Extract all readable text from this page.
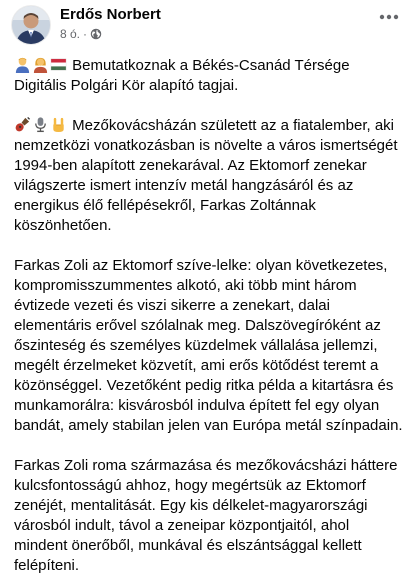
Erdős Norbert
8 ó. ·

Bemutatkoznak a Békés-Csanád Térsége Digitális Polgári Kör alapító tagjai.

Mezőkovácsházán született az a fiatalember, aki nemzetközi vonatkozásban is növelte a város ismertségét 1994-ben alapított zenekarával. Az Ektomorf zenekar világszerte ismert intenzív metál hangzásáról és az energikus élő fellépésekről, Farkas Zoltánnak köszönhetően.

Farkas Zoli az Ektomorf szíve-lelke: olyan következetes, kompromisszummentes alkotó, aki több mint három évtizede vezeti és viszi sikerre a zenekart, dalai elementáris erővel szólalnak meg. Dalszövegíróként az őszinteség és személyes küzdelmek vállalása jellemzi, megélt érzelmeket közvetít, ami erős kötődést teremt a közönséggel. Vezetőként pedig ritka példa a kitartásra és munkamorálra: kisvárosból indulva épített fel egy olyan bandát, amely stabilan jelen van Európa metál színpadain.

Farkas Zoli roma származása és mezőkovácsházi háttere kulcsfontosságú ahhoz, hogy megértsük az Ektomorf zenéjét, mentalitását. Egy kis délkelet-magyarországi városból indult, távol a zeneipar központjaitól, ahol mindent önerőből, munkával és elszántsággal kellett felépíteni.
